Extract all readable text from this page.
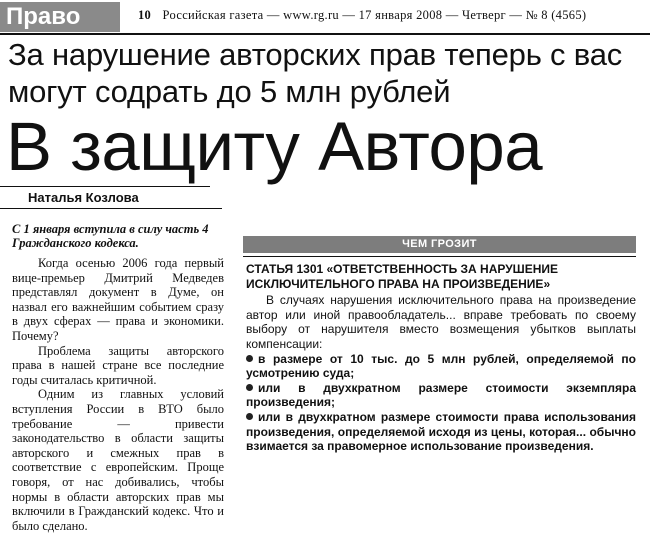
Право	10 Российская газета — www.rg.ru — 17 января 2008 — Четверг — № 8 (4565)
За нарушение авторских прав теперь с вас могут содрать до 5 млн рублей
В защиту Автора
Наталья Козлова
С 1 января вступила в силу часть 4 Гражданского кодекса.

Когда осенью 2006 года первый вице-премьер Дмитрий Медведев представлял документ в Думе, он назвал его важнейшим событием сразу в двух сферах — права и экономики. Почему?

Проблема защиты авторского права в нашей стране все последние годы считалась критичной.

Одним из главных условий вступления России в ВТО было требование — привести законодательство в области защиты авторского и смежных прав в соответствие с европейским. Проще говоря, от нас добивались, чтобы нормы в области авторских прав мы включили в Гражданский кодекс. Что и было сделано.

ЧЕМ ГРОЗИТ

СТАТЬЯ 1301 «ОТВЕТСТВЕННОСТЬ ЗА НАРУШЕНИЕ ИСКЛЮЧИТЕЛЬНОГО ПРАВА НА ПРОИЗВЕДЕНИЕ»

В случаях нарушения исключительного права на произведение автор или иной правообладатель... вправе требовать по своему выбору от нарушителя вместо возмещения убытков выплаты компенсации:

в размере от 10 тыс. до 5 млн рублей, определяемой по усмотрению суда;
или в двухкратном размере стоимости экземпляра произведения;
или в двухкратном размере стоимости права использования произведения, определяемой исходя из цены, которая... обычно взимается за правомерное использование произведения.
